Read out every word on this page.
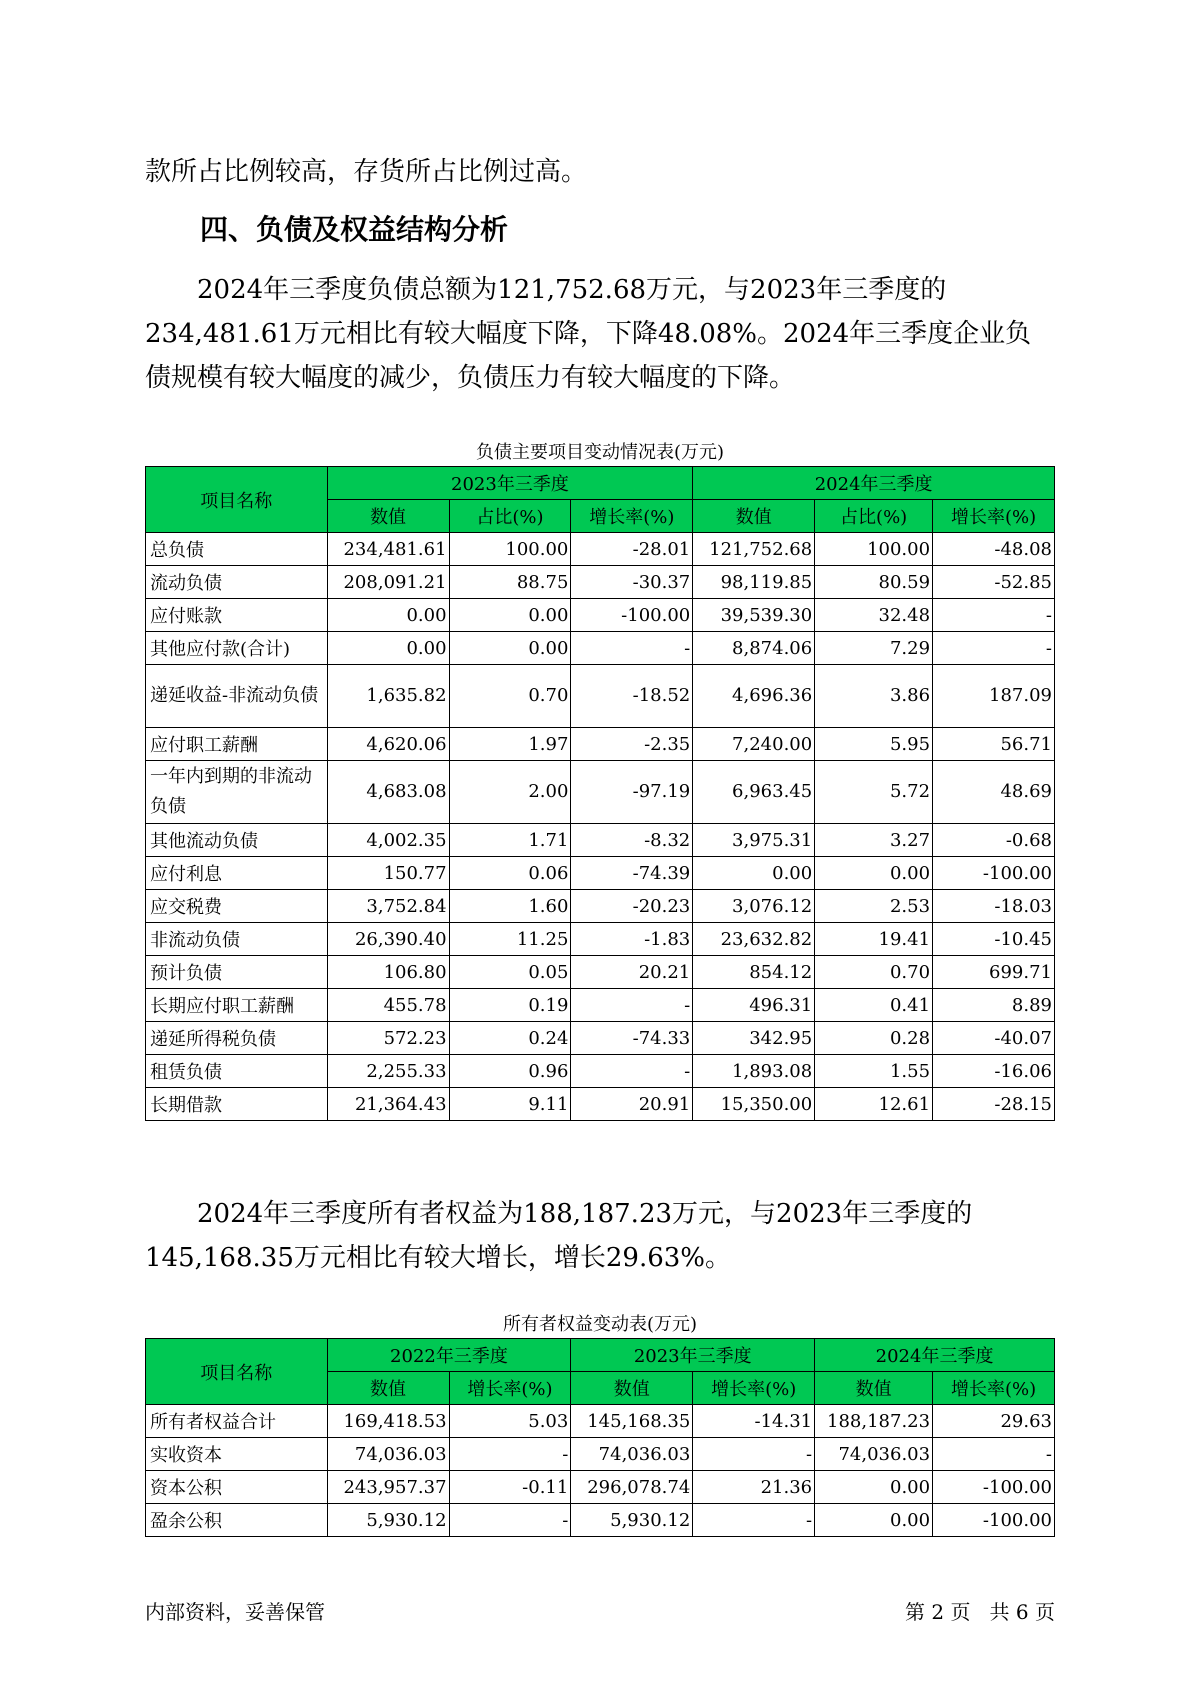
款所占比例较高，存货所占比例过高。

四、负债及权益结构分析

2024年三季度负债总额为121,752.68万元，与2023年三季度的234,481.61万元相比有较大幅度下降，下降48.08%。2024年三季度企业负债规模有较大幅度的减少，负债压力有较大幅度的下降。

负债主要项目变动情况表(万元)
项目名称	2023年三季度			2024年三季度		
	数值	占比(%)	增长率(%)	数值	占比(%)	增长率(%)
总负债	234,481.61	100.00	-28.01	121,752.68	100.00	-48.08
流动负债	208,091.21	88.75	-30.37	98,119.85	80.59	-52.85
应付账款	0.00	0.00	-100.00	39,539.30	32.48	-
其他应付款(合计)	0.00	0.00	-	8,874.06	7.29	-
递延收益-非流动负债	1,635.82	0.70	-18.52	4,696.36	3.86	187.09
应付职工薪酬	4,620.06	1.97	-2.35	7,240.00	5.95	56.71
一年内到期的非流动负债	4,683.08	2.00	-97.19	6,963.45	5.72	48.69
其他流动负债	4,002.35	1.71	-8.32	3,975.31	3.27	-0.68
应付利息	150.77	0.06	-74.39	0.00	0.00	-100.00
应交税费	3,752.84	1.60	-20.23	3,076.12	2.53	-18.03
非流动负债	26,390.40	11.25	-1.83	23,632.82	19.41	-10.45
预计负债	106.80	0.05	20.21	854.12	0.70	699.71
长期应付职工薪酬	455.78	0.19	-	496.31	0.41	8.89
递延所得税负债	572.23	0.24	-74.33	342.95	0.28	-40.07
租赁负债	2,255.33	0.96	-	1,893.08	1.55	-16.06
长期借款	21,364.43	9.11	20.91	15,350.00	12.61	-28.15

2024年三季度所有者权益为188,187.23万元，与2023年三季度的145,168.35万元相比有较大增长，增长29.63%。

所有者权益变动表(万元)
项目名称	2022年三季度		2023年三季度		2024年三季度	
	数值	增长率(%)	数值	增长率(%)	数值	增长率(%)
所有者权益合计	169,418.53	5.03	145,168.35	-14.31	188,187.23	29.63
实收资本	74,036.03	-	74,036.03	-	74,036.03	-
资本公积	243,957.37	-0.11	296,078.74	21.36	0.00	-100.00
盈余公积	5,930.12	-	5,930.12	-	0.00	-100.00
内部资料，妥善保管	第 2 页   共 6 页
